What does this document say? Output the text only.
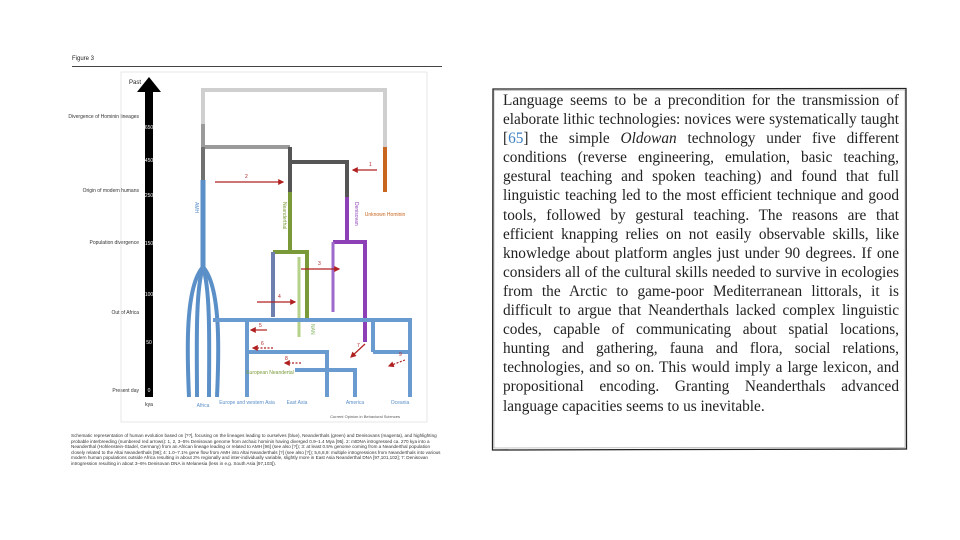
Figure 3
Past
kya
650
450
250
150
100
50
0
Divergence of Hominin lineages
Origin of modern humans
Population divergence
Out of Africa
Present day
Unknown Hominin
AMH	Neanderthal
NAN
Denisovan
1
2
3
4
5
6	7
8
9
European Neandertal
Africa Europe and western Asia East Asia	America	Oceania
Current Opinion in Behavioral Sciences
Schematic representation of human evolution based on [??], focusing on the lineages leading to ourselves (blue), Neanderthals (green) and Denisovans (magenta), and highlighting probable interbreeding (numbered red arrows): 1, 2, 3–5% Denisovan genome from archaic hominin having diverged 0.9–1.4 Mya [95]. 2: mtDNA introgressed ca. 270 kya into a Neanderthal (Hohlenstein-Stadel, Germany) from an African lineage leading or related to AMH [96] (see also [?]); 3: at least 0.5% genome coming from a Neanderthal population closely related to the Altai Neanderthals [96]; 4: 1.0–7.1% gene flow from AMH into Altai Neanderthals [?] (see also [?]); 5,6,8,9: multiple introgressions from Neanderthals into various modern human populations outside Africa resulting in about 2% regionally and inter-individually variable, slightly more in East Asia Neanderthal DNA [97,101,102]; 7: Denisovan introgression resulting in about 3–6% Denisovan DNA in Melanesia (less in e.g. South Asia [97,103]).

Language seems to be a precondition for the transmission of elaborate lithic technologies: novices were systematically taught [65] the simple Oldowan technology under five different conditions (reverse engineering, emulation, basic teaching, gestural teaching and spoken teaching) and found that full linguistic teaching led to the most efficient technique and good tools, followed by gestural teaching. The reasons are that efficient knapping relies on not easily observable skills, like knowledge about platform angles just under 90 degrees. If one considers all of the cultural skills needed to survive in ecologies from the Arctic to game-poor Mediterranean littorals, it is difficult to argue that Neanderthals lacked complex linguistic codes, capable of communicating about spatial locations, hunting and gathering, fauna and flora, social relations, technologies, and so on. This would imply a large lexicon, and propositional encoding. Granting Neanderthals advanced language capacities seems to us inevitable.
